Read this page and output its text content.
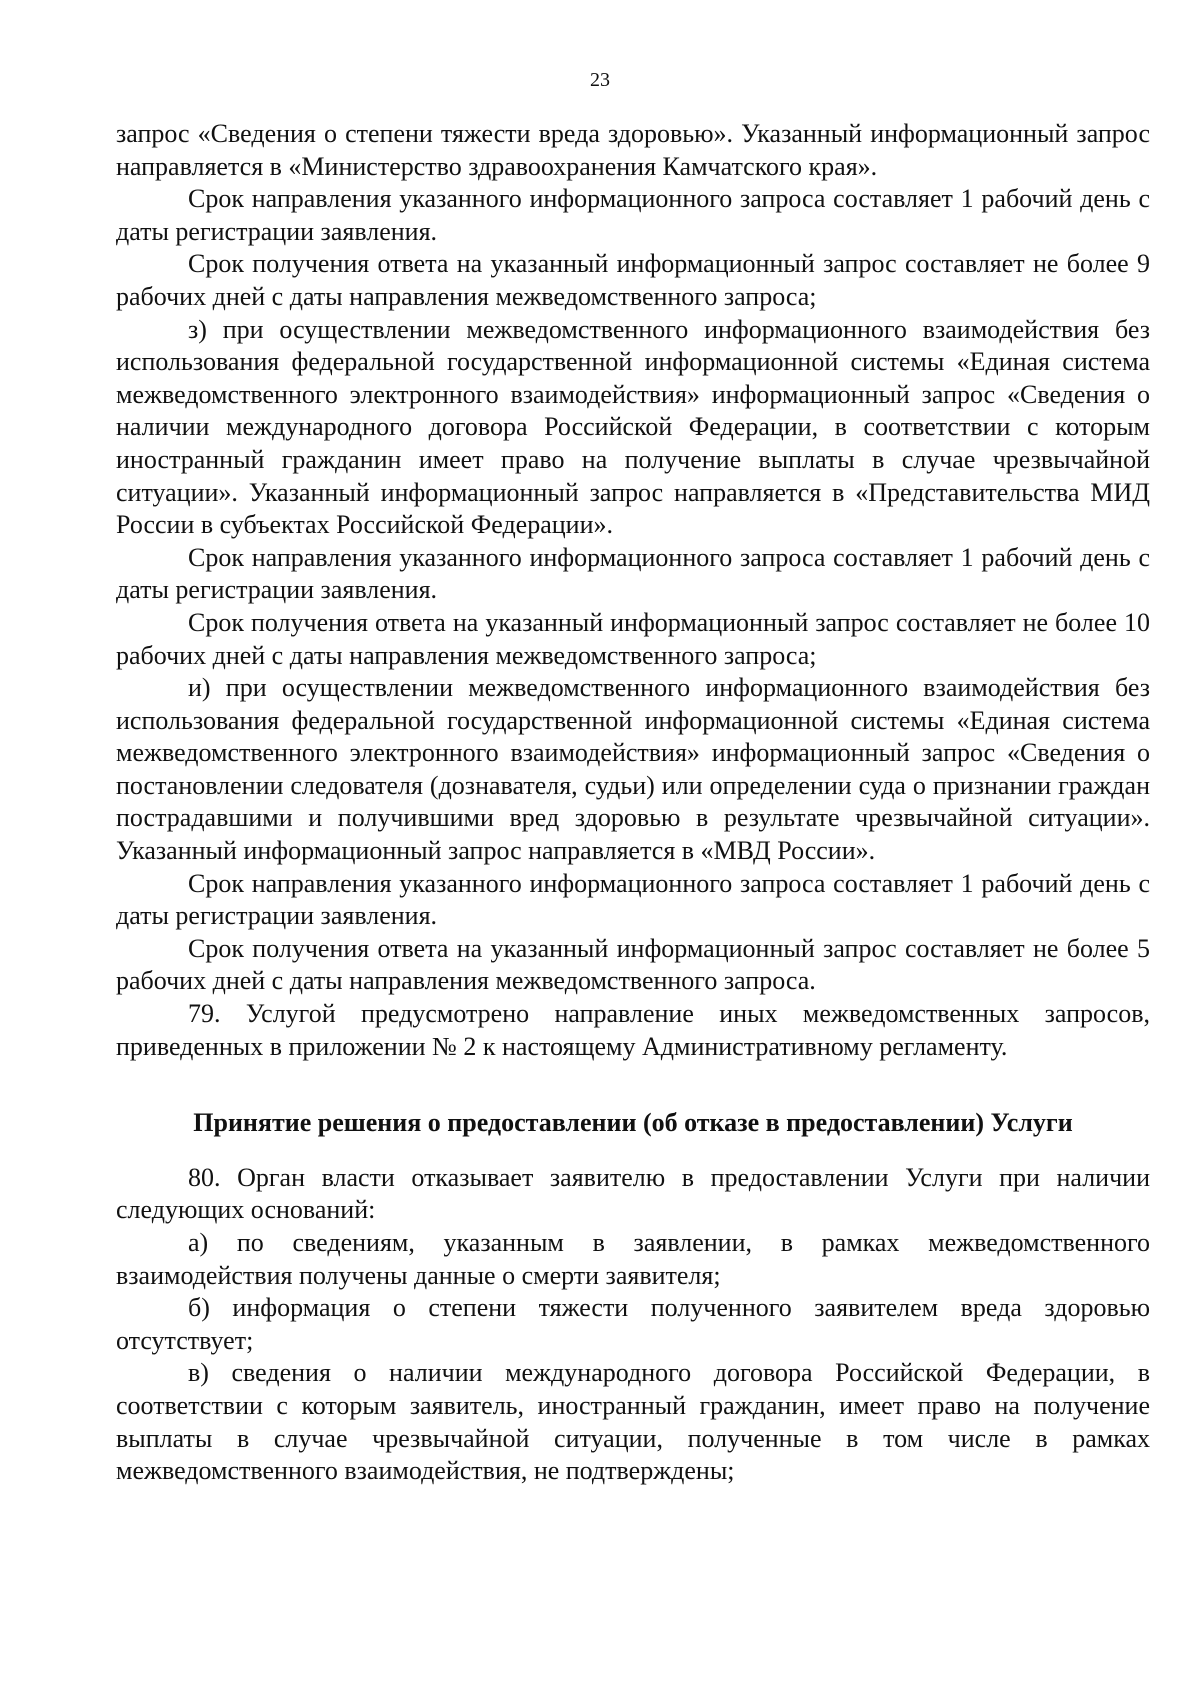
23

запрос «Сведения о степени тяжести вреда здоровью». Указанный информационный запрос направляется в «Министерство здравоохранения Камчатского края».

Срок направления указанного информационного запроса составляет 1 рабочий день с даты регистрации заявления.

Срок получения ответа на указанный информационный запрос составляет не более 9 рабочих дней с даты направления межведомственного запроса;

з) при осуществлении межведомственного информационного взаимодействия без использования федеральной государственной информационной системы «Единая система межведомственного электронного взаимодействия» информационный запрос «Сведения о наличии международного договора Российской Федерации, в соответствии с которым иностранный гражданин имеет право на получение выплаты в случае чрезвычайной ситуации». Указанный информационный запрос направляется в «Представительства МИД России в субъектах Российской Федерации».

Срок направления указанного информационного запроса составляет 1 рабочий день с даты регистрации заявления.

Срок получения ответа на указанный информационный запрос составляет не более 10 рабочих дней с даты направления межведомственного запроса;

и) при осуществлении межведомственного информационного взаимодействия без использования федеральной государственной информационной системы «Единая система межведомственного электронного взаимодействия» информационный запрос «Сведения о постановлении следователя (дознавателя, судьи) или определении суда о признании граждан пострадавшими и получившими вред здоровью в результате чрезвычайной ситуации». Указанный информационный запрос направляется в «МВД России».

Срок направления указанного информационного запроса составляет 1 рабочий день с даты регистрации заявления.

Срок получения ответа на указанный информационный запрос составляет не более 5 рабочих дней с даты направления межведомственного запроса.

79. Услугой предусмотрено направление иных межведомственных запросов, приведенных в приложении № 2 к настоящему Административному регламенту.

Принятие решения о предоставлении (об отказе в предоставлении) Услуги

80. Орган власти отказывает заявителю в предоставлении Услуги при наличии следующих оснований:

а) по сведениям, указанным в заявлении, в рамках межведомственного взаимодействия получены данные о смерти заявителя;

б) информация о степени тяжести полученного заявителем вреда здоровью отсутствует;

в) сведения о наличии международного договора Российской Федерации, в соответствии с которым заявитель, иностранный гражданин, имеет право на получение выплаты в случае чрезвычайной ситуации, полученные в том числе в рамках межведомственного взаимодействия, не подтверждены;
